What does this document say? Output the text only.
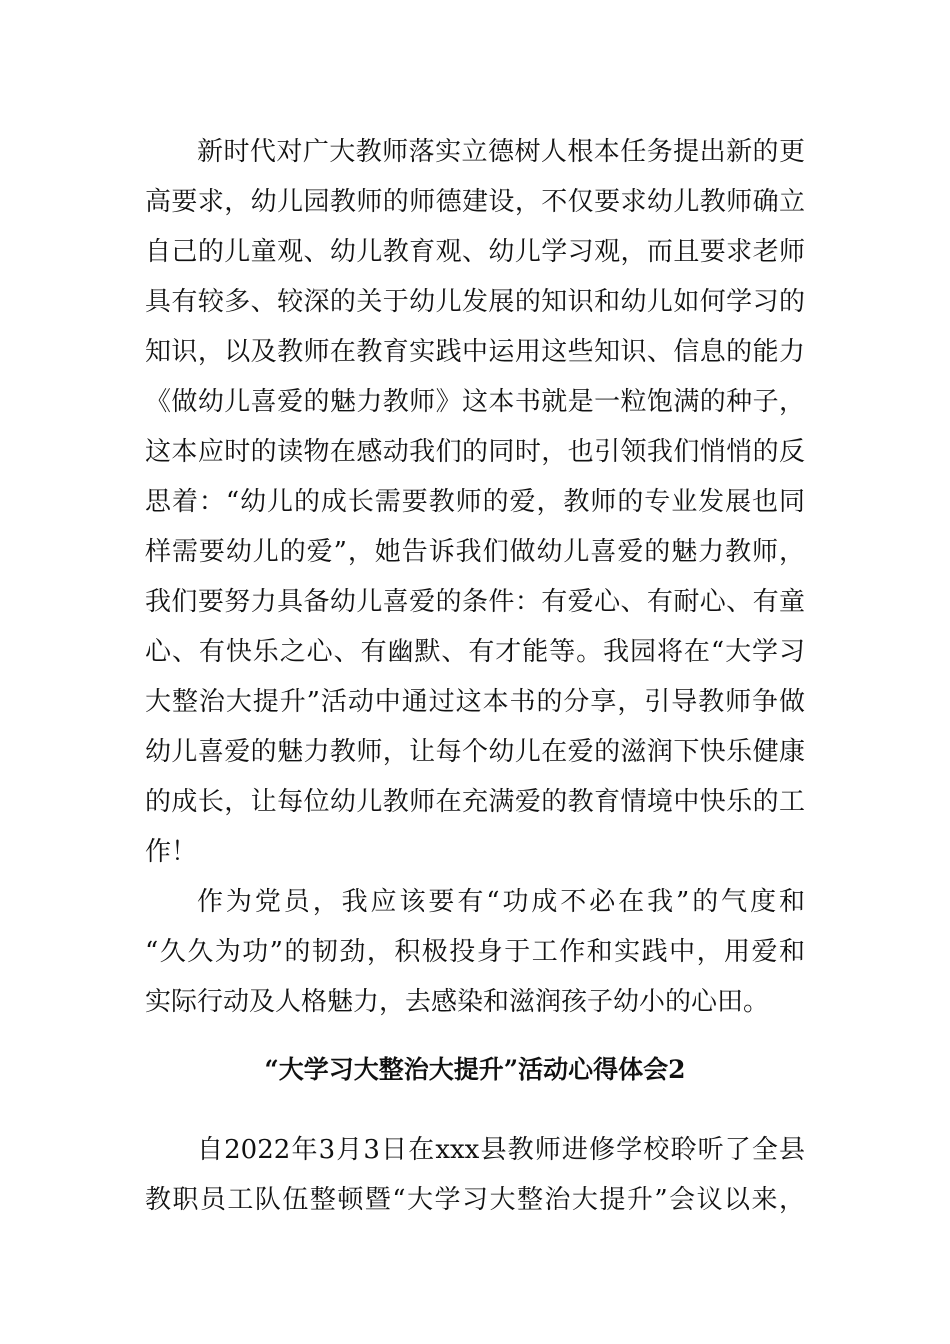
新时代对广大教师落实立德树人根本任务提出新的更
高要求，幼儿园教师的师德建设，不仅要求幼儿教师确立
自己的儿童观、幼儿教育观、幼儿学习观，而且要求老师
具有较多、较深的关于幼儿发展的知识和幼儿如何学习的
知识，以及教师在教育实践中运用这些知识、信息的能力
《做幼儿喜爱的魅力教师》这本书就是一粒饱满的种子，
这本应时的读物在感动我们的同时，也引领我们悄悄的反
思着：“幼儿的成长需要教师的爱，教师的专业发展也同
样需要幼儿的爱”，她告诉我们做幼儿喜爱的魅力教师，
我们要努力具备幼儿喜爱的条件：有爱心、有耐心、有童
心、有快乐之心、有幽默、有才能等。我园将在“大学习
大整治大提升”活动中通过这本书的分享，引导教师争做
幼儿喜爱的魅力教师，让每个幼儿在爱的滋润下快乐健康
的成长，让每位幼儿教师在充满爱的教育情境中快乐的工
作！
作为党员，我应该要有“功成不必在我”的气度和
“久久为功”的韧劲，积极投身于工作和实践中，用爱和
实际行动及人格魅力，去感染和滋润孩子幼小的心田。
“大学习大整治大提升”活动心得体会2
自2022年3月3日在xxx县教师进修学校聆听了全县
教职员工队伍整顿暨“大学习大整治大提升”会议以来，
